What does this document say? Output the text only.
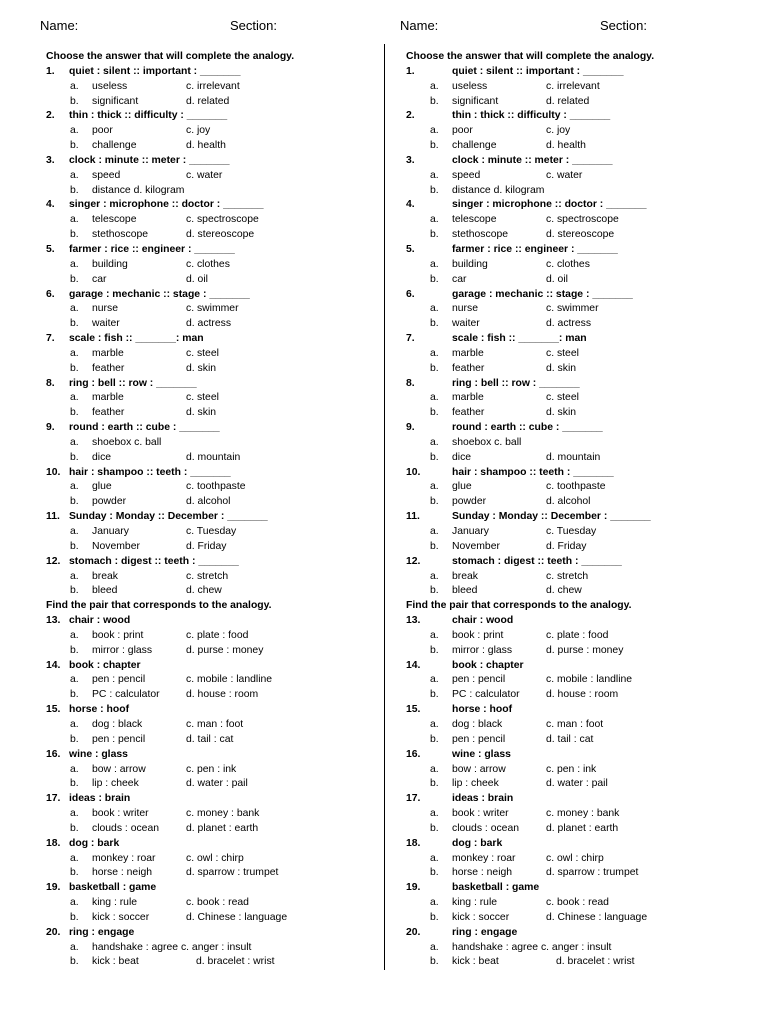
Name:	Section:
Choose the answer that will complete the analogy.
1. quiet : silent :: important : _______
a. useless	c. irrelevant
b. significant	d. related
2. thin : thick :: difficulty : _______
a. poor	c. joy
b. challenge	d. health
3. clock : minute :: meter : _______
a. speed	c. water
b. distance d. kilogram
4. singer : microphone :: doctor : _______
a. telescope	c. spectroscope
b. stethoscope	d. stereoscope
5. farmer : rice :: engineer : _______
a. building	c. clothes
b. car	d. oil
6. garage : mechanic :: stage : _______
a. nurse	c. swimmer
b. waiter	d. actress
7. scale : fish :: _______: man
a. marble	c. steel
b. feather	d. skin
8. ring : bell :: row : _______
a. marble	c. steel
b. feather	d. skin
9. round : earth :: cube : _______
a. shoebox c. ball
b. dice	d. mountain
10. hair : shampoo :: teeth : _______
a. glue	c. toothpaste
b. powder	d. alcohol
11. Sunday : Monday :: December : _______
a. January	c. Tuesday
b. November	d. Friday
12. stomach : digest :: teeth : _______
a. break	c. stretch
b. bleed	d. chew
Find the pair that corresponds to the analogy.
13. chair : wood
a. book : print	c. plate : food
b. mirror : glass	d. purse : money
14. book : chapter
a. pen : pencil	c. mobile : landline
b. PC : calculator	d. house : room
15. horse : hoof
a. dog : black	c. man : foot
b. pen : pencil	d. tail : cat
16. wine : glass
a. bow : arrow	c. pen : ink
b. lip : cheek	d. water : pail
17. ideas : brain
a. book : writer	c. money : bank
b. clouds : ocean	d. planet : earth
18. dog : bark
a. monkey : roar	c. owl : chirp
b. horse : neigh	d. sparrow : trumpet
19. basketball : game
a. king : rule	c. book : read
b. kick : soccer	d. Chinese : language
20. ring : engage
a. handshake : agree c. anger : insult
b. kick : beat	d. bracelet : wrist
Name:	Section:
Choose the answer that will complete the analogy.
1.	quiet : silent :: important : _______
a. useless	c. irrelevant
b. significant	d. related
2.	thin : thick :: difficulty : _______
a. poor	c. joy
b. challenge	d. health
3.	clock : minute :: meter : _______
a. speed	c. water
b. distance d. kilogram
4.	singer : microphone :: doctor : _______
a. telescope	c. spectroscope
b. stethoscope	d. stereoscope
5.	farmer : rice :: engineer : _______
a. building	c. clothes
b. car	d. oil
6.	garage : mechanic :: stage : _______
a. nurse	c. swimmer
b. waiter	d. actress
7.	scale : fish :: _______: man
a. marble	c. steel
b. feather	d. skin
8.	ring : bell :: row : _______
a. marble	c. steel
b. feather	d. skin
9.	round : earth :: cube : _______
a. shoebox c. ball
b. dice	d. mountain
10.	hair : shampoo :: teeth : _______
a. glue	c. toothpaste
b. powder	d. alcohol
11.	Sunday : Monday :: December : _______
a. January	c. Tuesday
b. November	d. Friday
12.	stomach : digest :: teeth : _______
a. break	c. stretch
b. bleed	d. chew
Find the pair that corresponds to the analogy.
13.	chair : wood
a. book : print	c. plate : food
b. mirror : glass	d. purse : money
14.	book : chapter
a. pen : pencil	c. mobile : landline
b. PC : calculator	d. house : room
15.	horse : hoof
a. dog : black	c. man : foot
b. pen : pencil	d. tail : cat
16.	wine : glass
a. bow : arrow	c. pen : ink
b. lip : cheek	d. water : pail
17.	ideas : brain
a. book : writer	c. money : bank
b. clouds : ocean	d. planet : earth
18.	dog : bark
a. monkey : roar	c. owl : chirp
b. horse : neigh	d. sparrow : trumpet
19.	basketball : game
a. king : rule	c. book : read
b. kick : soccer	d. Chinese : language
20.	ring : engage
a. handshake : agree c. anger : insult
b. kick : beat	d. bracelet : wrist
